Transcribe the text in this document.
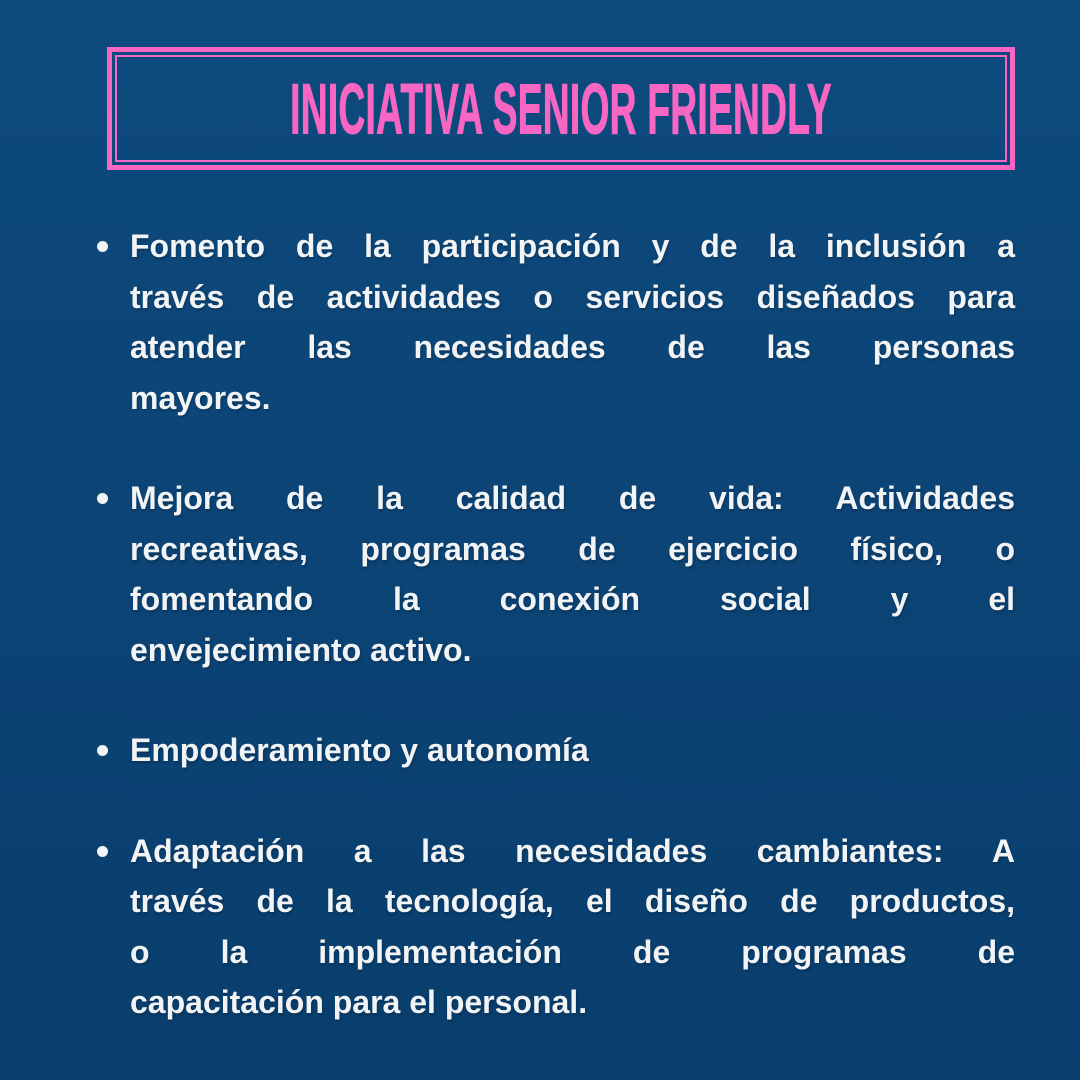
INICIATIVA SENIOR FRIENDLY
Fomento de la participación y de la inclusión a
través de actividades o servicios diseñados para
atender las necesidades de las personas
mayores.
Mejora de la calidad de vida: Actividades
recreativas, programas de ejercicio físico, o
fomentando la conexión social y el
envejecimiento activo.
Empoderamiento y autonomía
Adaptación a las necesidades cambiantes: A
través de la tecnología, el diseño de productos,
o la implementación de programas de
capacitación para el personal.
